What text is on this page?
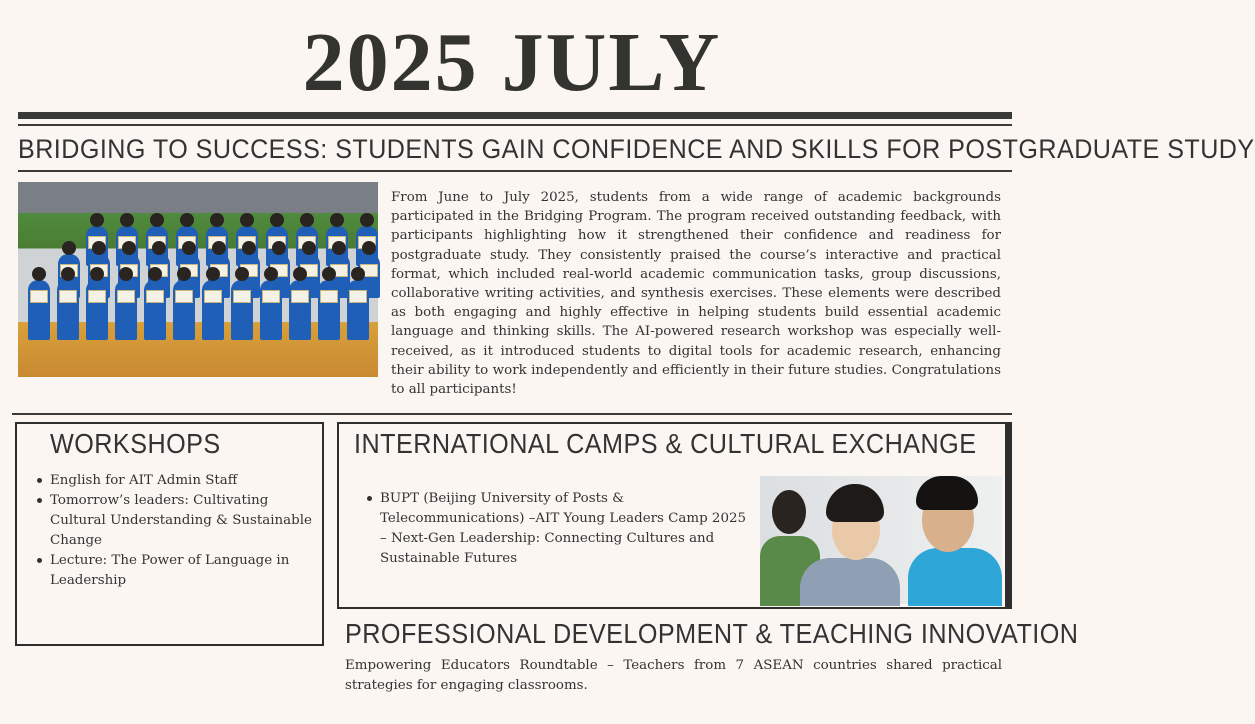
2025 JULY
BRIDGING TO SUCCESS: STUDENTS GAIN CONFIDENCE AND SKILLS FOR POSTGRADUATE STUDY
From June to July 2025, students from a wide range of academic backgrounds participated in the Bridging Program. The program received outstanding feedback, with participants highlighting how it strengthened their confidence and readiness for postgraduate study. They consistently praised the course’s interactive and practical format, which included real-world academic communication tasks, group discussions, collaborative writing activities, and synthesis exercises. These elements were described as both engaging and highly effective in helping students build essential academic language and thinking skills. The AI-powered research workshop was especially well-received, as it introduced students to digital tools for academic research, enhancing their ability to work independently and efficiently in their future studies. Congratulations to all participants!
WORKSHOPS
English for AIT Admin Staff
Tomorrow’s leaders: Cultivating Cultural Understanding & Sustainable Change
Lecture: The Power of Language in Leadership
INTERNATIONAL CAMPS & CULTURAL EXCHANGE
BUPT (Beijing University of Posts & Telecommunications) –AIT Young Leaders Camp 2025 – Next-Gen Leadership: Connecting Cultures and Sustainable Futures
PROFESSIONAL DEVELOPMENT & TEACHING INNOVATION
Empowering Educators Roundtable – Teachers from 7 ASEAN countries shared practical strategies for engaging classrooms.
